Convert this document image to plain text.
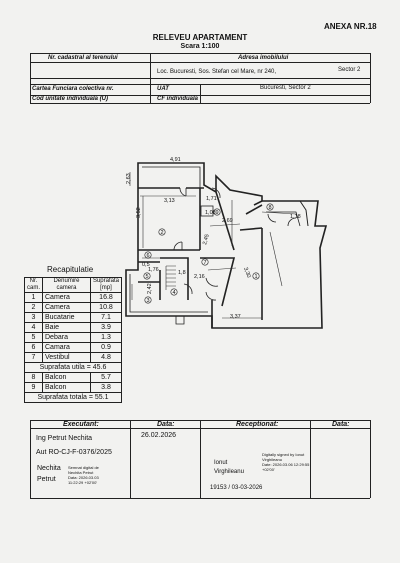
ANEXA NR.18
RELEVEU APARTAMENT
Scara 1:100
Nr. cadastral al terenului	Adresa imobilului
Loc. Bucuresti, Sos. Stefan cel Mare, nr 240,	Sector 2
Cartea Funciara colectiva nr.	UAT	Bucuresti, Sector 2
Cod unitate individuala (U)	CF individuala
4,91
3,13	1,71
3,52
2,69
1,18
3,30
2,45
2,16
3,37
2,42
1,76
0,5
1,08
2,63
1,8
1
2
3
4
5
6
7
8
9
Recapitulatie
Nr. cam.	Denumire camera	Suprafata [mp]
1	Camera	16.8
2	Camera	10.8
3	Bucatarie	7.1
4	Baie	3.9
5	Debara	1.3
6	Camara	0.9
7	Vestibul	4.8
Suprafata utila = 45.6		
8	Balcon	5.7
9	Balcon	3.8
Suprafata totala = 55.1		
Executant:	Data:	Receptionat:	Data:
Ing Petrut Nechita
Aut RO-CJ-F-0376/2025
26.02.2026
Nechita
Petrut
Semnat digital de
Nechita Petrut
Data: 2026.03.03
11:22:29 +02'00'
Ionut
Virghileanu
Digitally signed by Ionut
Virghileanu
Date: 2026.03.06 12:29:55
+02'00'
19153 / 03-03-2026
